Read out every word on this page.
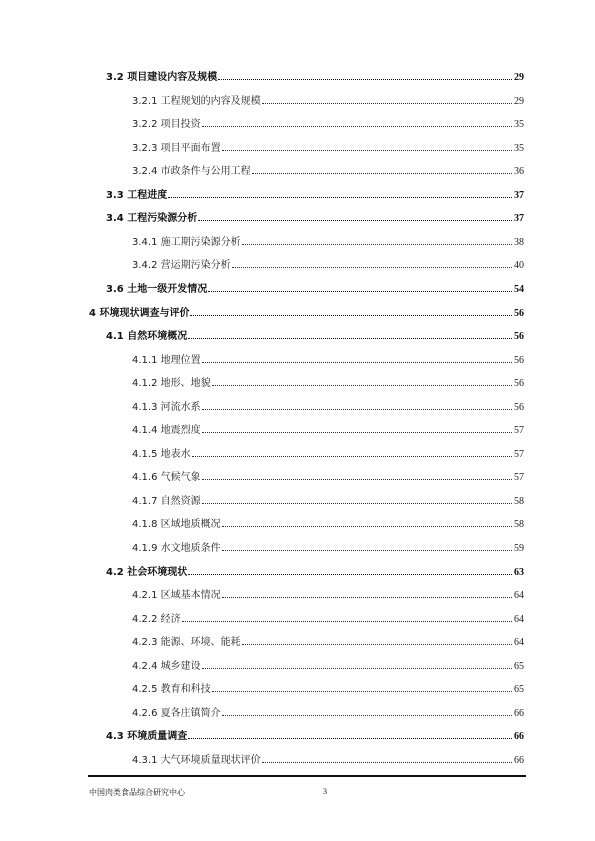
3.2 项目建设内容及规模	29
3.2.1 工程规划的内容及规模	29
3.2.2 项目投资	35
3.2.3 项目平面布置	35
3.2.4 市政条件与公用工程	36
3.3 工程进度	37
3.4 工程污染源分析	37
3.4.1 施工期污染源分析	38
3.4.2 营运期污染分析	40
3.6 土地一级开发情况	54
4 环境现状调查与评价	56
4.1 自然环境概况	56
4.1.1 地理位置	56
4.1.2 地形、地貌	56
4.1.3 河流水系	56
4.1.4 地震烈度	57
4.1.5 地表水	57
4.1.6 气候气象	57
4.1.7 自然资源	58
4.1.8 区域地质概况	58
4.1.9 水文地质条件	59
4.2 社会环境现状	63
4.2.1 区域基本情况	64
4.2.2 经济	64
4.2.3 能源、环境、能耗	64
4.2.4 城乡建设	65
4.2.5 教育和科技	65
4.2.6 夏各庄镇简介	66
4.3 环境质量调查	66
4.3.1 大气环境质量现状评价	66
中国肉类食品综合研究中心	3
